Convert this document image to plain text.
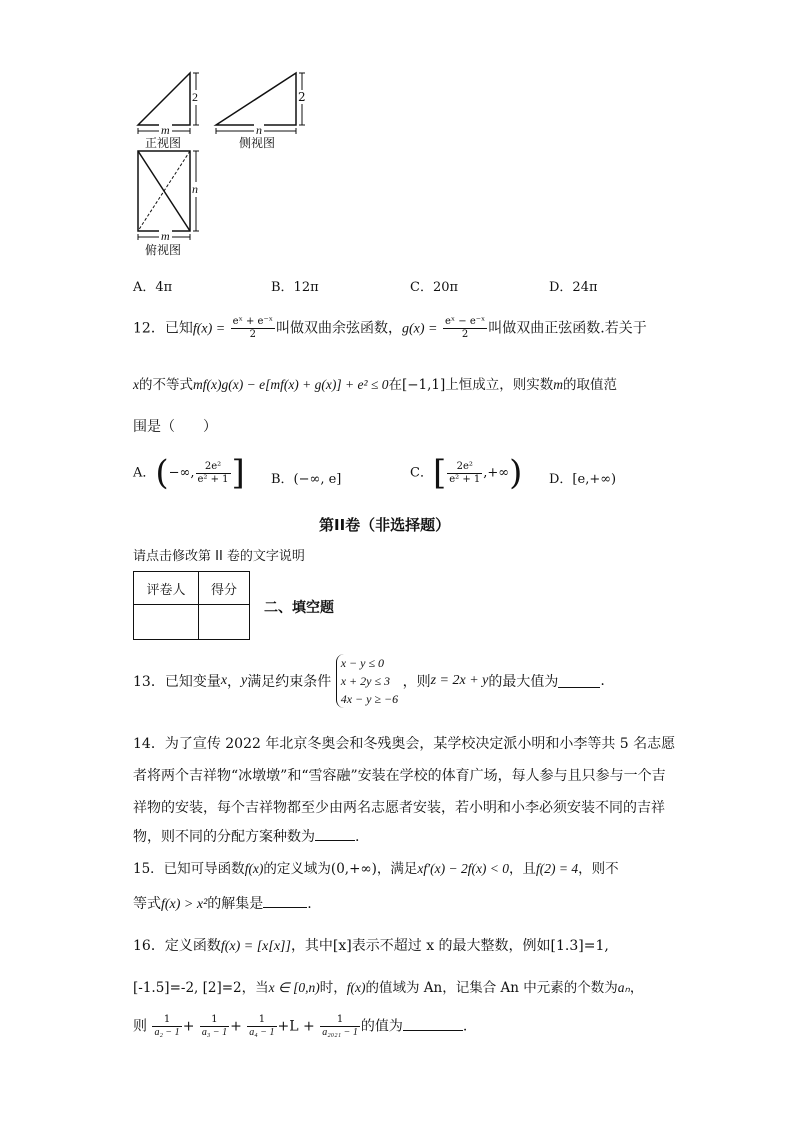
2
m
正视图
2
n
侧视图
n
m
俯视图
A．4π	B．12π	C．20π	D．24π
12．已知$f(x) = \frac{\text{eˣ + e⁻ˣ}}{2}$ 叫做双曲余弦函数，$g(x) = \frac{\text{eˣ − e⁻ˣ}}{2}$ 叫做双曲正弦函数.若关于
x的不等式mf(x)g(x) − e[mf(x) + g(x)] + e² ≤ 0在[−1,1]上恒成立，则实数m的取值范
围是（　　）
A．(−∞, $\frac{\text{2e²}}{\text{e² + 1}}$ ] B．(−∞, e]	C．[ $\frac{\text{2e²}}{\text{e² + 1}}$ ,+∞) D．[e,+∞)
第II卷（非选择题）
请点击修改第 II 卷的文字说明
评卷人	得分

二、填空题
13．已知变量x，y满足约束条件
x − y ≤ 0
x + 2y ≤ 3
4x − y ≥ −6
，则z = 2x + y的最大值为	.
14．为了宣传 2022 年北京冬奥会和冬残奥会，某学校决定派小明和小李等共 5 名志愿
者将两个吉祥物“冰墩墩”和“雪容融”安装在学校的体育广场，每人参与且只参与一个吉
祥物的安装，每个吉祥物都至少由两名志愿者安装，若小明和小李必须安装不同的吉祥
物，则不同的分配方案种数为	.
15．已知可导函数f(x)的定义域为(0,+∞)，满足xf′(x) − 2f(x) < 0，且f(2) = 4，则不
等式f(x) > x²的解集是	.
16．定义函数f(x) = [x[x]]，其中[x]表示不超过 x 的最大整数，例如[1.3]=1,
[-1.5]=-2, [2]=2，当x ∈ [0,n)时，f(x)的值域为 An，记集合 An 中元素的个数为aₙ，
则 $\frac{1}{\text{a₂ − 1}} + \frac{1}{\text{a₃ − 1}} + \frac{1}{\text{a₄ − 1}} +L + \frac{1}{\text{a₂₀₂₁ − 1}}$ 的值为	.
